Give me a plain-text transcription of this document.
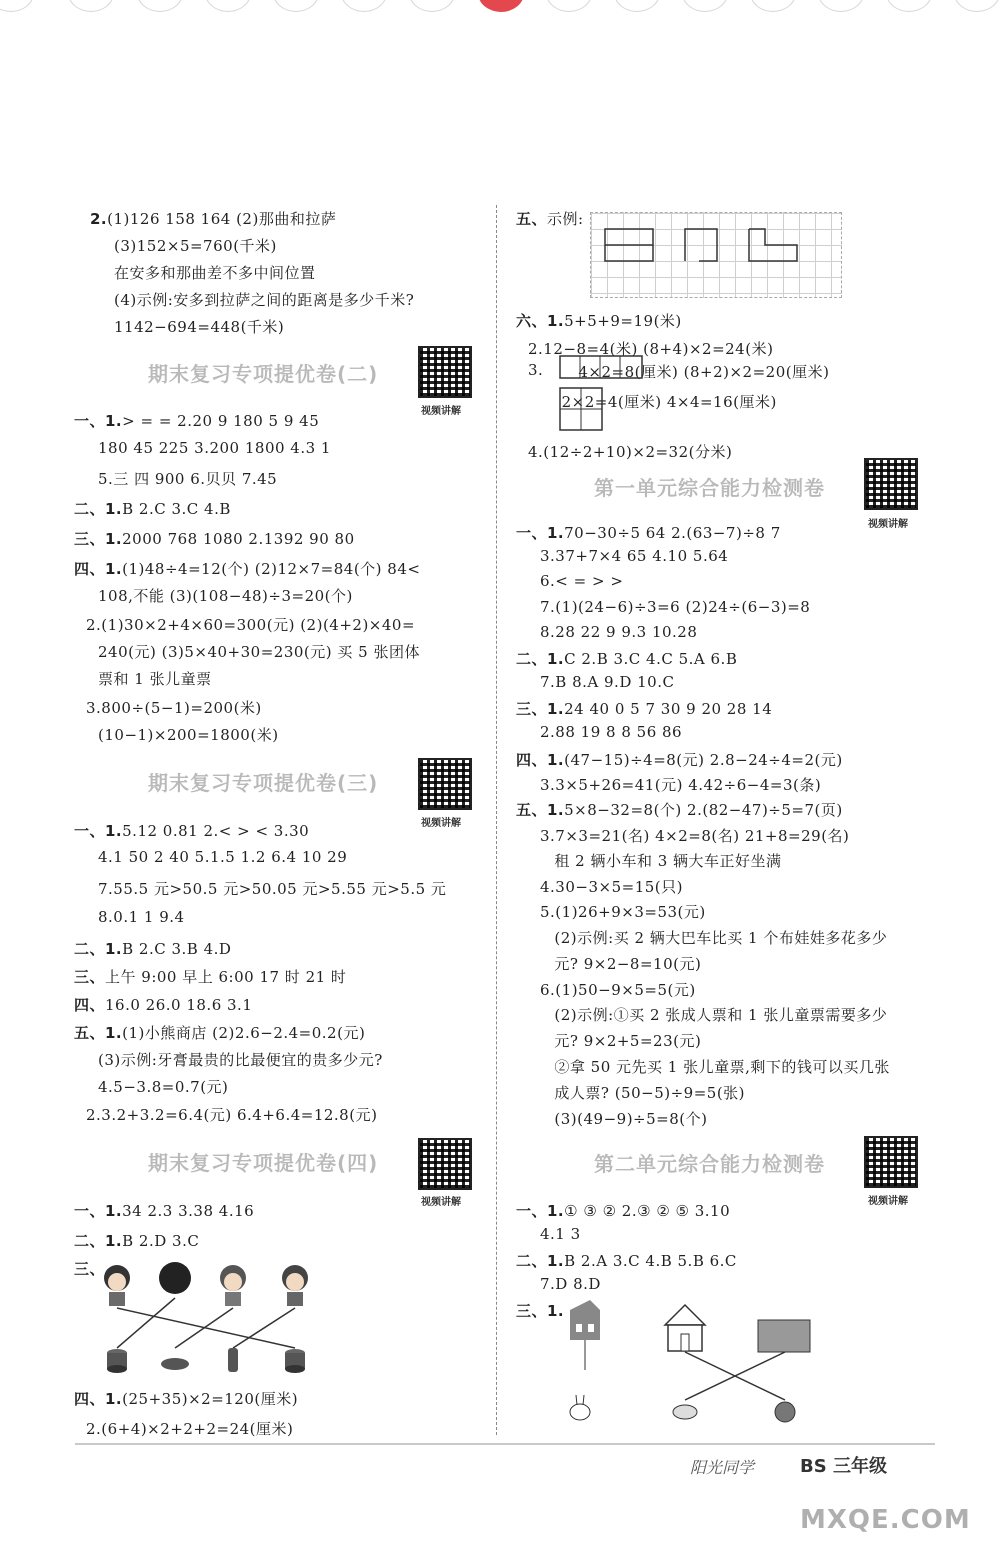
2.(1)126 158 164 (2)那曲和拉萨
(3)152×5=760(千米)
在安多和那曲差不多中间位置
(4)示例:安多到拉萨之间的距离是多少千米?
1142−694=448(千米)
期末复习专项提优卷(二)
视频讲解
一、1.> = = 2.20 9 180 5 9 45
180 45 225 3.200 1800 4.3 1
5.三 四 900 6.贝贝 7.45
二、1.B 2.C 3.C 4.B
三、1.2000 768 1080 2.1392 90 80
四、1.(1)48÷4=12(个) (2)12×7=84(个) 84<
108,不能 (3)(108−48)÷3=20(个)
2.(1)30×2+4×60=300(元) (2)(4+2)×40=
240(元) (3)5×40+30=230(元) 买 5 张团体
票和 1 张儿童票
3.800÷(5−1)=200(米)
(10−1)×200=1800(米)
期末复习专项提优卷(三)
视频讲解
一、1.5.12 0.81 2.< > < 3.30
4.1 50 2 40 5.1.5 1.2 6.4 10 29
7.55.5 元>50.5 元>50.05 元>5.55 元>5.5 元
8.0.1 1 9.4
二、1.B 2.C 3.B 4.D
三、上午 9:00 早上 6:00 17 时 21 时
四、16.0 26.0 18.6 3.1
五、1.(1)小熊商店 (2)2.6−2.4=0.2(元)
(3)示例:牙膏最贵的比最便宜的贵多少元?
4.5−3.8=0.7(元)
2.3.2+3.2=6.4(元) 6.4+6.4=12.8(元)
期末复习专项提优卷(四)
视频讲解
一、1.34 2.3 3.38 4.16
二、1.B 2.D 3.C
三、
四、1.(25+35)×2=120(厘米)
2.(6+4)×2+2+2=24(厘米)
五、示例:
六、1.5+5+9=19(米)
2.12−8=4(米) (8+4)×2=24(米)
3. 4×2=8(厘米) (8+2)×2=20(厘米)
2×2=4(厘米) 4×4=16(厘米)
4.(12÷2+10)×2=32(分米)
第一单元综合能力检测卷
视频讲解
一、1.70−30÷5 64 2.(63−7)÷8 7
3.37+7×4 65 4.10 5.64
6.< = > >
7.(1)(24−6)÷3=6 (2)24÷(6−3)=8
8.28 22 9 9.3 10.28
二、1.C 2.B 3.C 4.C 5.A 6.B
7.B 8.A 9.D 10.C
三、1.24 40 0 5 7 30 9 20 28 14
2.88 19 8 8 56 86
四、1.(47−15)÷4=8(元) 2.8−24÷4=2(元)
3.3×5+26=41(元) 4.42÷6−4=3(条)
五、1.5×8−32=8(个) 2.(82−47)÷5=7(页)
3.7×3=21(名) 4×2=8(名) 21+8=29(名)
租 2 辆小车和 3 辆大车正好坐满
4.30−3×5=15(只)
5.(1)26+9×3=53(元)
(2)示例:买 2 辆大巴车比买 1 个布娃娃多花多少
元? 9×2−8=10(元)
6.(1)50−9×5=5(元)
(2)示例:①买 2 张成人票和 1 张儿童票需要多少
元? 9×2+5=23(元)
②拿 50 元先买 1 张儿童票,剩下的钱可以买几张
成人票? (50−5)÷9=5(张)
(3)(49−9)÷5=8(个)
第二单元综合能力检测卷
视频讲解
一、1.① ③ ② 2.③ ② ⑤ 3.10
4.1 3
二、1.B 2.A 3.C 4.B 5.B 6.C
7.D 8.D
三、1.
阳光同学	BS 三年级
MXQE.COM
